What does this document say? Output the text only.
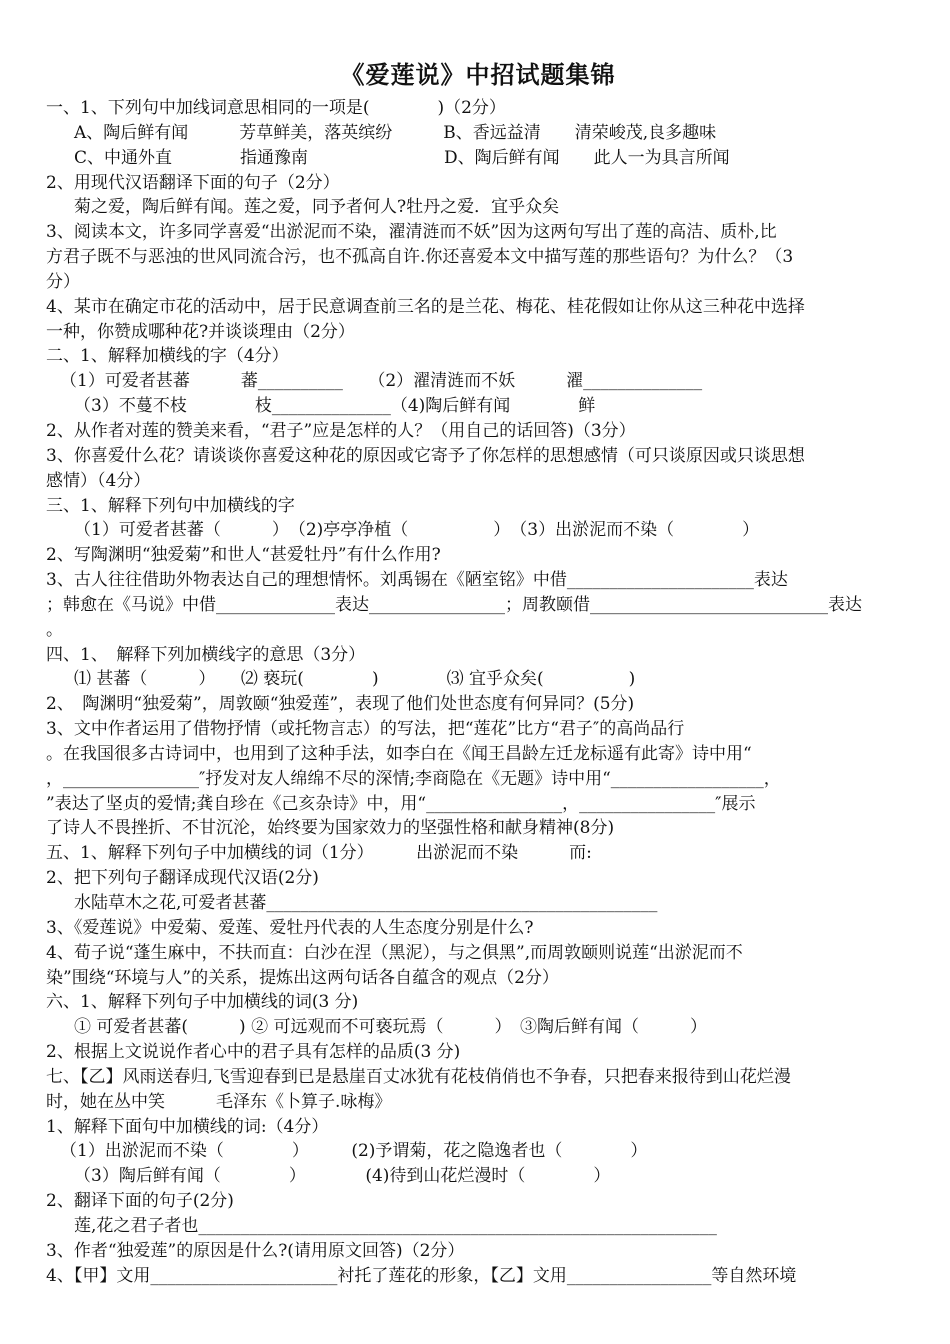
《爱莲说》中招试题集锦
一、1、下列句中加线词意思相同的一项是(　　　　)（2分）
A、陶后鲜有闻　　　芳草鲜美，落英缤纷　　　B、香远益清　　清荣峻茂,良多趣味
C、中通外直　　　　指通豫南　　　　　　　　D、陶后鲜有闻　　此人一为具言所闻
2、用现代汉语翻译下面的句子（2分）
菊之爱，陶后鲜有闻。莲之爱，同予者何人?牡丹之爱．宜乎众矣
3、阅读本文，许多同学喜爱“出淤泥而不染，濯清涟而不妖”因为这两句写出了莲的高洁、质朴,比
方君子既不与恶浊的世风同流合污，也不孤高自许.你还喜爱本文中描写莲的那些语句？为什么？（3
分）
4、某市在确定市花的活动中，居于民意调查前三名的是兰花、梅花、桂花假如让你从这三种花中选择
一种，你赞成哪种花?并谈谈理由（2分）
二、1、解释加横线的字（4分）
（1）可爱者甚蕃　　　蕃__________　　（2）濯清涟而不妖　　　濯______________
（3）不蔓不枝　　　　枝______________（4)陶后鲜有闻　　　　鲜
2、从作者对莲的赞美来看，“君子”应是怎样的人？（用自己的话回答)（3分）
3、你喜爱什么花？请谈谈你喜爱这种花的原因或它寄予了你怎样的思想感情（可只谈原因或只谈思想
感情）（4分）
三、1、解释下列句中加横线的字
（1）可爱者甚蕃（　　　）　（2)亭亭净植（　　　　　）　（3）出淤泥而不染（　　　　）
2、写陶渊明“独爱菊”和世人“甚爱牡丹”有什么作用?
3、古人往往借助外物表达自己的理想情怀。刘禹锡在《陋室铭》中借______________________表达
；韩愈在《马说》中借______________表达________________；周教颐借____________________________表达
。
四、1、　解释下列加横线字的意思（3分）
⑴ 甚蕃（　　　）　　⑵ 亵玩(　　　　)　　　　⑶ 宜乎众矣(　　　　　)
2、　陶渊明“独爱菊”，周敦颐“独爱莲”，表现了他们处世态度有何异同？(5分)
3、文中作者运用了借物抒情（或托物言志）的写法，把“莲花”比方“君子″的高尚品行
。在我国很多古诗词中，也用到了这种手法，如李白在《闻王昌龄左迁龙标遥有此寄》诗中用“
，________________″抒发对友人绵绵不尽的深情;李商隐在《无题》诗中用“__________________，
”表达了坚贞的爱情;龚自珍在《己亥杂诗》中，用“________________，________________″展示
了诗人不畏挫折、不甘沉沦，始终要为国家效力的坚强性格和献身精神(8分)
五、1、解释下列句子中加横线的词（1分）　　　出淤泥而不染　　　而:
2、把下列句子翻译成现代汉语(2分)
水陆草木之花,可爱者甚蕃______________________________________________
3、《爱莲说》中爱菊、爱莲、爱牡丹代表的人生态度分别是什么?
4、荀子说“蓬生麻中，不扶而直：白沙在涅（黑泥），与之俱黑”,而周敦颐则说莲“出淤泥而不
染”围绕“环境与人”的关系，提炼出这两句话各自蕴含的观点（2分）
六、1、解释下列句子中加横线的词(3 分)
① 可爱者甚蕃(　　　) ② 可远观而不可亵玩焉（　　　）　③陶后鲜有闻（　　　）
2、根据上文说说作者心中的君子具有怎样的品质(3 分)
七、【乙】风雨送春归,飞雪迎春到已是悬崖百丈冰犹有花枝俏俏也不争春，只把春来报待到山花烂漫
时，她在丛中笑　　　毛泽东《卜算子.咏梅》
1、解释下面句中加横线的词:（4分）
（1）出淤泥而不染（　　　　）　　　(2)予谓菊，花之隐逸者也（　　　　）
（3）陶后鲜有闻（　　　　）　　　　(4)待到山花烂漫时（　　　　）
2、翻译下面的句子(2分)
莲,花之君子者也_____________________________________________________________
3、作者“独爱莲”的原因是什么?(请用原文回答)（2分）
4、【甲】文用______________________衬托了莲花的形象，【乙】文用_________________等自然环境
